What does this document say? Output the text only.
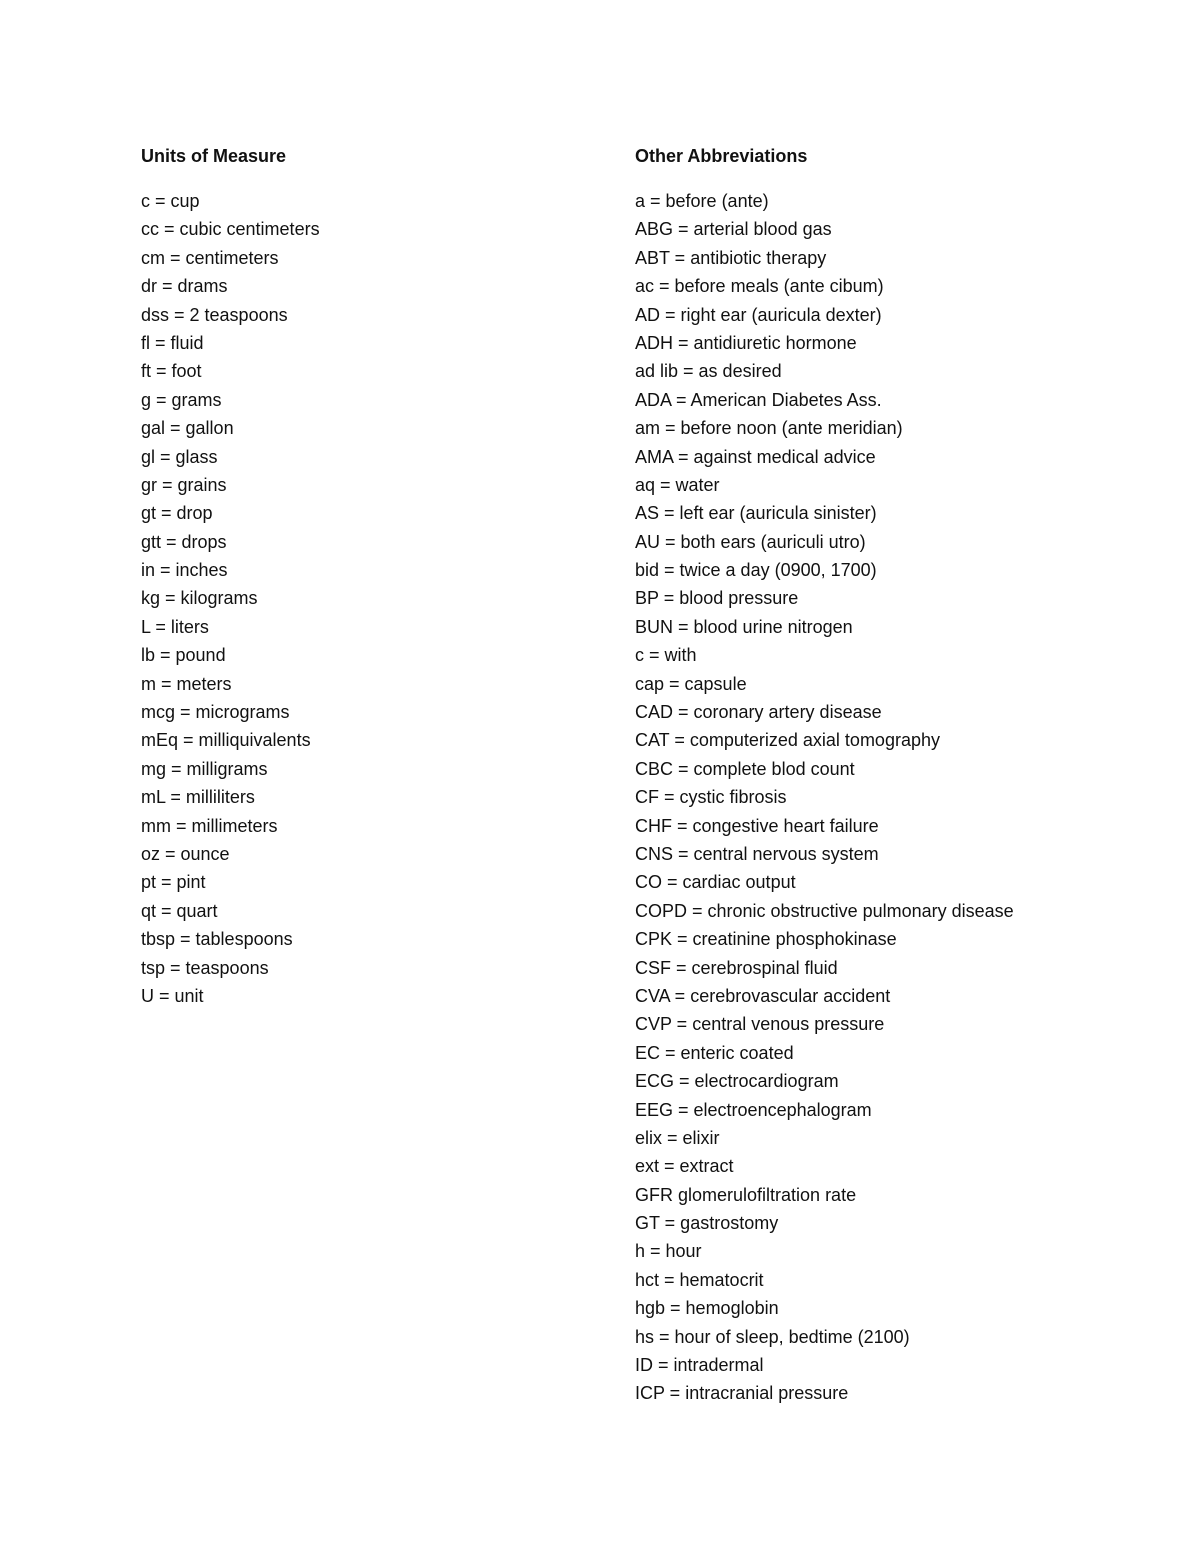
Units of Measure
c = cup
cc = cubic centimeters
cm = centimeters
dr = drams
dss = 2 teaspoons
fl = fluid
ft = foot
g = grams
gal = gallon
gl = glass
gr = grains
gt = drop
gtt = drops
in = inches
kg = kilograms
L = liters
lb = pound
m = meters
mcg = micrograms
mEq = milliquivalents
mg = milligrams
mL = milliliters
mm = millimeters
oz = ounce
pt = pint
qt = quart
tbsp = tablespoons
tsp = teaspoons
U = unit
Other Abbreviations
a = before (ante)
ABG = arterial blood gas
ABT = antibiotic therapy
ac = before meals (ante cibum)
AD = right ear (auricula dexter)
ADH = antidiuretic hormone
ad lib = as desired
ADA = American Diabetes Ass.
am = before noon (ante meridian)
AMA = against medical advice
aq = water
AS = left ear (auricula sinister)
AU = both ears (auriculi utro)
bid = twice a day (0900, 1700)
BP = blood pressure
BUN = blood urine nitrogen
c = with
cap = capsule
CAD = coronary artery disease
CAT = computerized axial tomography
CBC = complete blod count
CF = cystic fibrosis
CHF = congestive heart failure
CNS = central nervous system
CO = cardiac output
COPD = chronic obstructive pulmonary disease
CPK = creatinine phosphokinase
CSF = cerebrospinal fluid
CVA = cerebrovascular accident
CVP = central venous pressure
EC = enteric coated
ECG = electrocardiogram
EEG = electroencephalogram
elix = elixir
ext = extract
GFR glomerulofiltration rate
GT = gastrostomy
h = hour
hct = hematocrit
hgb = hemoglobin
hs = hour of sleep, bedtime (2100)
ID = intradermal
ICP = intracranial pressure
